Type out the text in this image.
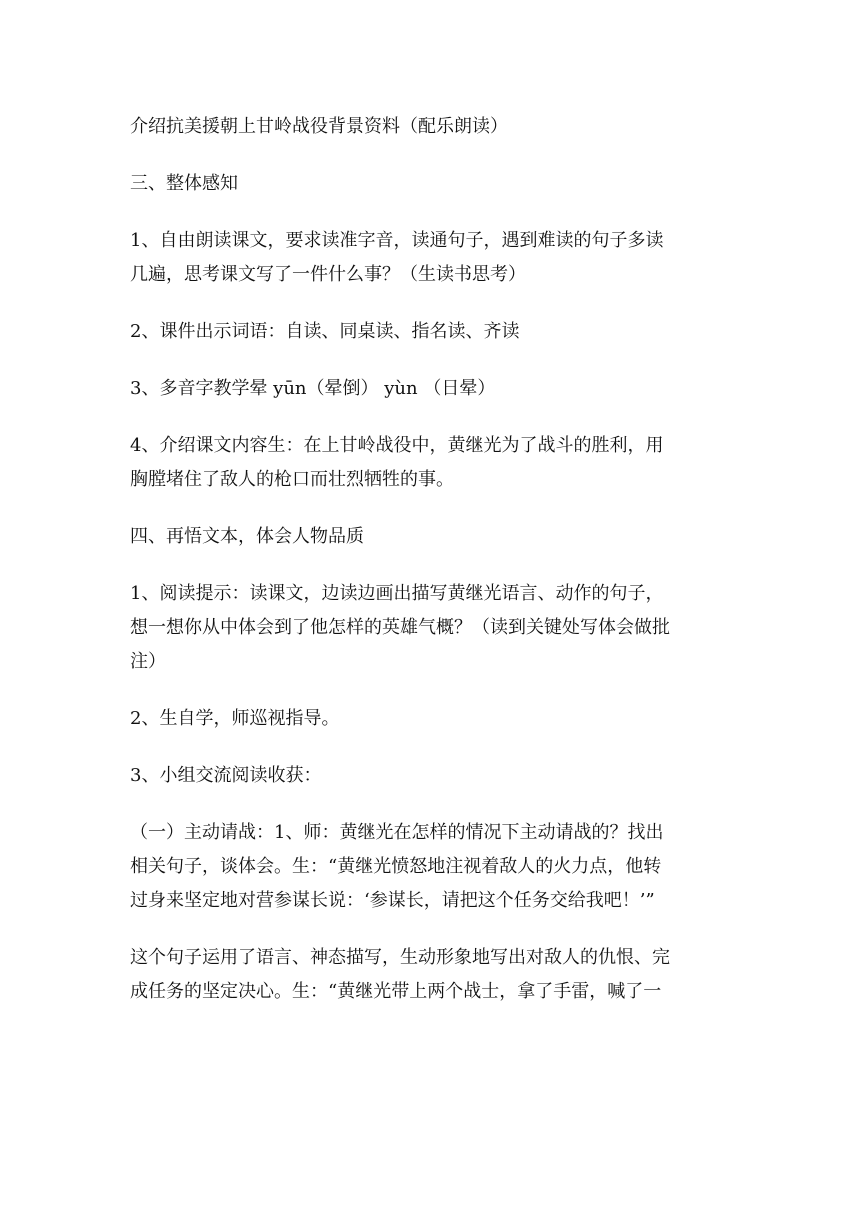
介绍抗美援朝上甘岭战役背景资料（配乐朗读）

三、整体感知

1、自由朗读课文，要求读准字音，读通句子，遇到难读的句子多读
几遍，思考课文写了一件什么事？（生读书思考）

2、课件出示词语：自读、同桌读、指名读、齐读

3、多音字教学晕 yūn（晕倒） yùn （日晕）

4、介绍课文内容生：在上甘岭战役中，黄继光为了战斗的胜利，用
胸膛堵住了敌人的枪口而壮烈牺牲的事。

四、再悟文本，体会人物品质

1、阅读提示：读课文，边读边画出描写黄继光语言、动作的句子，
想一想你从中体会到了他怎样的英雄气概？（读到关键处写体会做批
注）

2、生自学，师巡视指导。

3、小组交流阅读收获：

（一）主动请战：1、师：黄继光在怎样的情况下主动请战的？找出
相关句子，谈体会。生：“黄继光愤怒地注视着敌人的火力点，他转
过身来坚定地对营参谋长说：‘参谋长，请把这个任务交给我吧！’”

这个句子运用了语言、神态描写，生动形象地写出对敌人的仇恨、完
成任务的坚定决心。生：“黄继光带上两个战士，拿了手雷，喊了一
